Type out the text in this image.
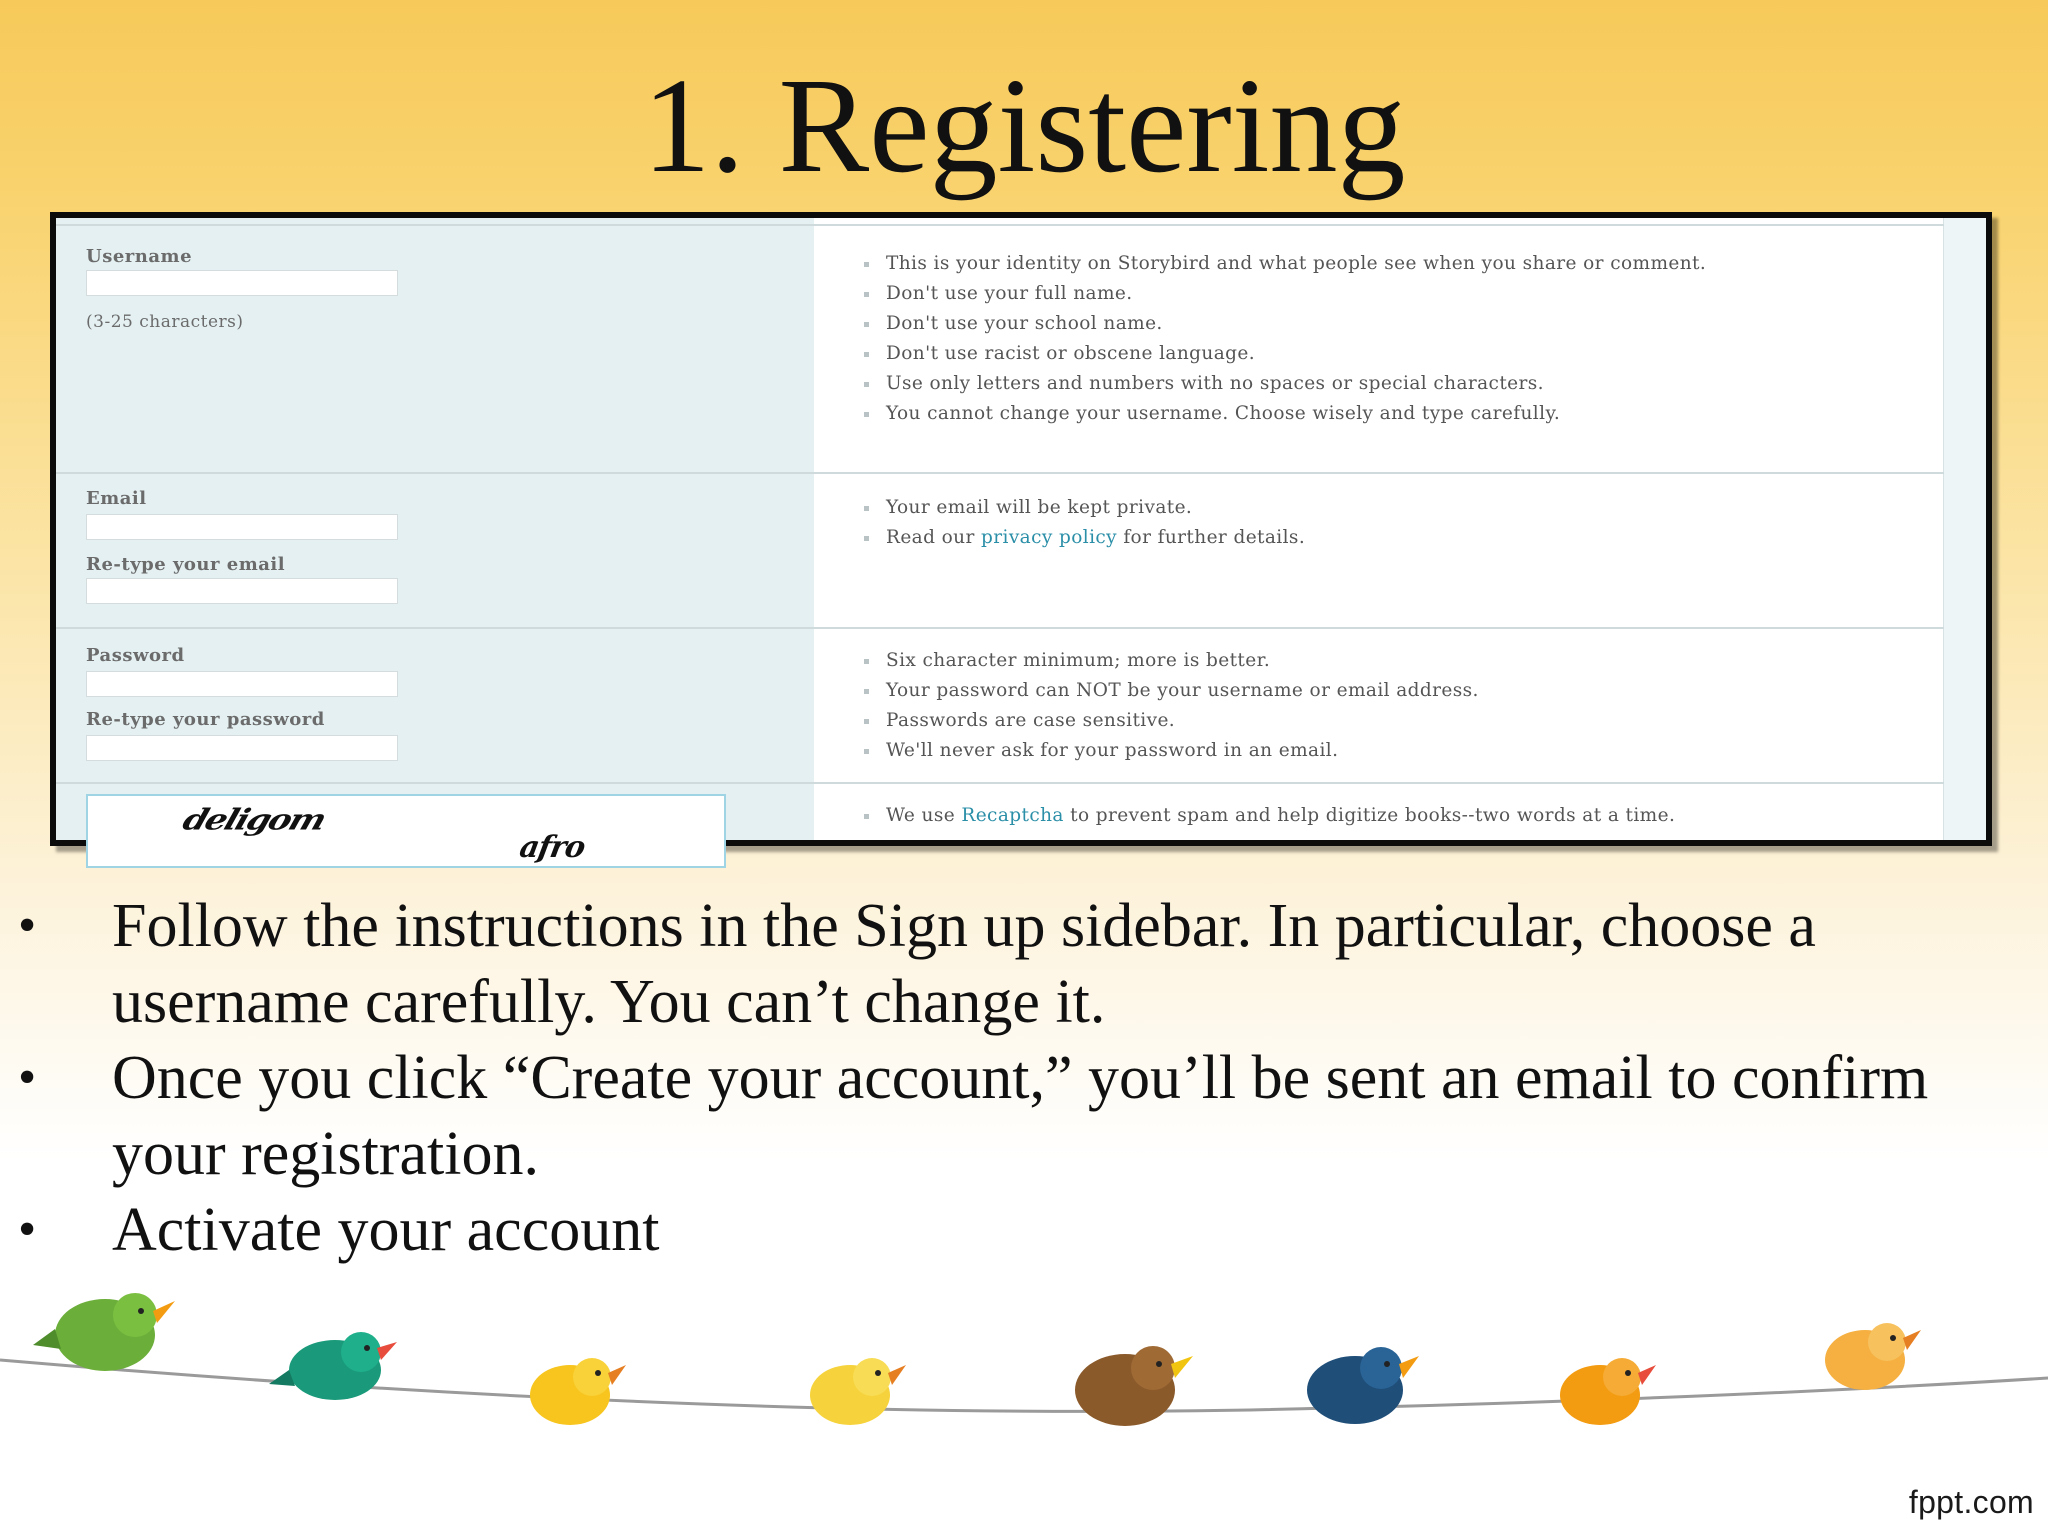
1. Registering
Username
(3-25 characters)
This is your identity on Storybird and what people see when you share or comment.
Don't use your full name.
Don't use your school name.
Don't use racist or obscene language.
Use only letters and numbers with no spaces or special characters.
You cannot change your username. Choose wisely and type carefully.
Email
Re-type your email
Your email will be kept private.
Read our privacy policy for further details.
Password
Re-type your password
Six character minimum; more is better.
Your password can NOT be your username or email address.
Passwords are case sensitive.
We'll never ask for your password in an email.
deligom
afro
We use Recaptcha to prevent spam and help digitize books--two words at a time.
• Follow the instructions in the Sign up sidebar. In particular, choose a username carefully. You can’t change it.
• Once you click “Create your account,” you’ll be sent an email to confirm your registration.
• Activate your account
fppt.com
